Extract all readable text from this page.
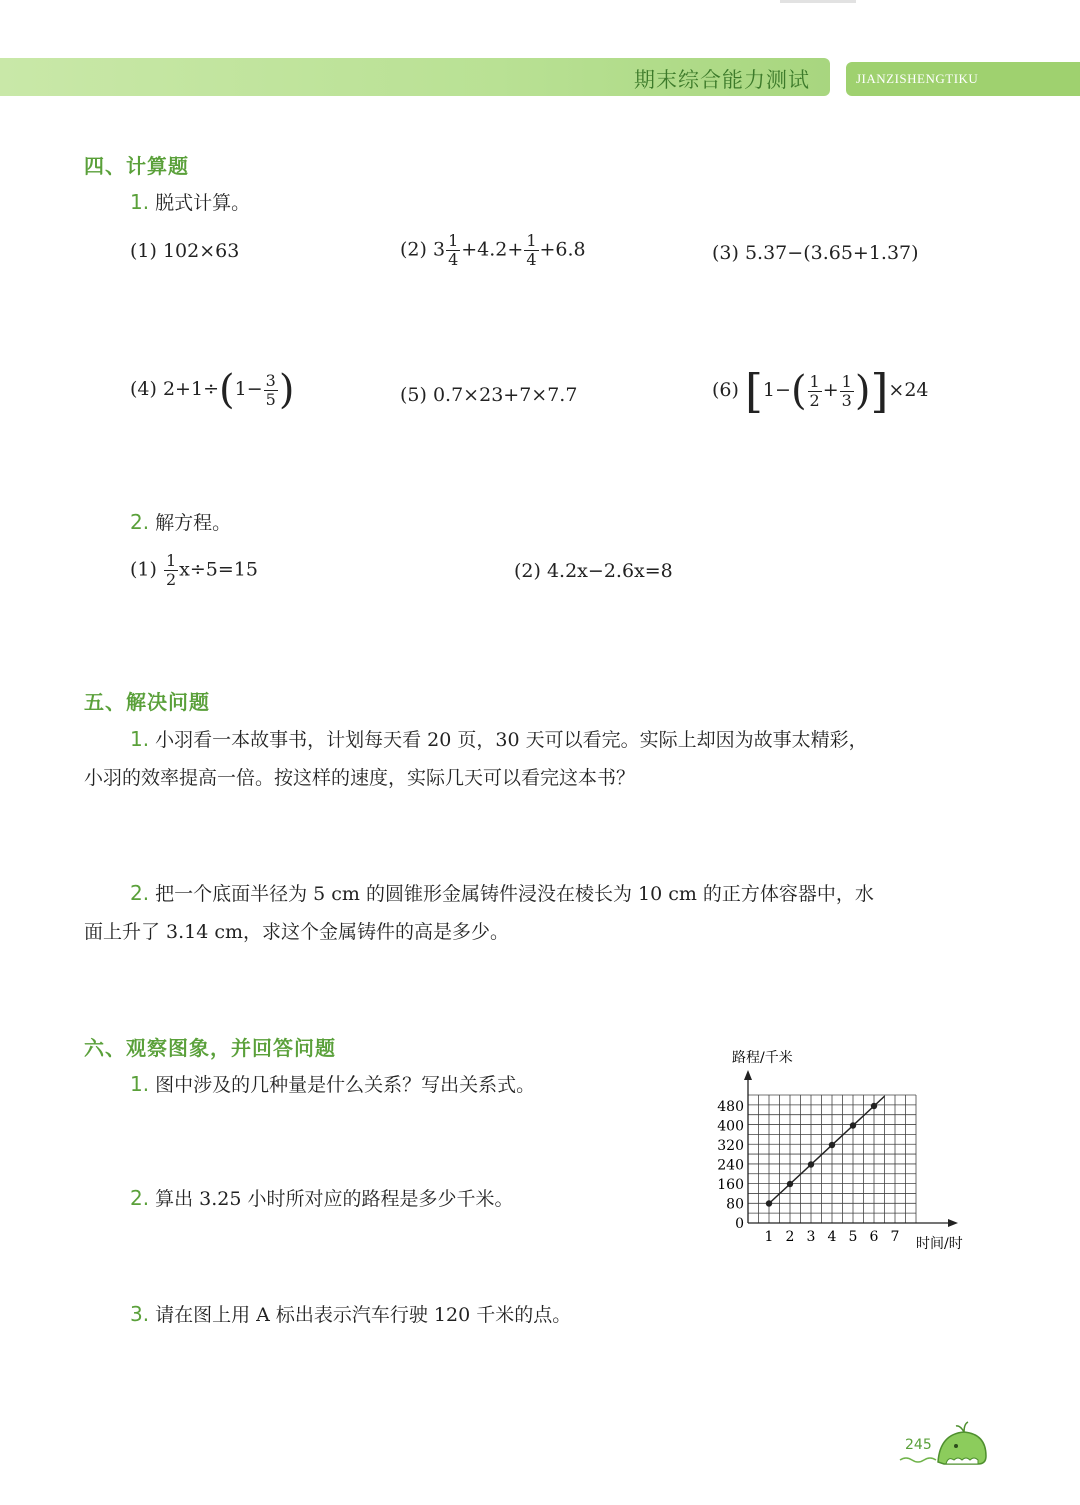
期末综合能力测试	JIANZISHENGTIKU
四、计算题
1. 脱式计算。
(1) 102×63	(2) $3 \frac{1}{4} +4.2+ \frac{1}{4} +6.8$	(3) 5.37−(3.65+1.37)
(4) $2+1\div(1- \frac{3}{5}$ )	(5) 0.7×23+7×7.7	(6) $[1-( \frac{1}{2} + \frac{1}{3} )]\times 24$
2. 解方程。
$(1) \frac{1}{2} x\div 5=15$	(2) 4.2x−2.6x=8
五、解决问题
1. 小羽看一本故事书，计划每天看 20 页，30 天可以看完。实际上却因为故事太精彩，
小羽的效率提高一倍。按这样的速度，实际几天可以看完这本书？
2. 把一个底面半径为 5 cm 的圆锥形金属铸件浸没在棱长为 10 cm 的正方体容器中，水
面上升了 3.14 cm，求这个金属铸件的高是多少。
六、观察图象，并回答问题
1. 图中涉及的几种量是什么关系？写出关系式。
2. 算出 3.25 小时所对应的路程是多少千米。
3. 请在图上用 A 标出表示汽车行驶 120 千米的点。
1 2 3 4 5 6 7
0
80
160
240
320
400
480
路程/千米
时间/时
245
